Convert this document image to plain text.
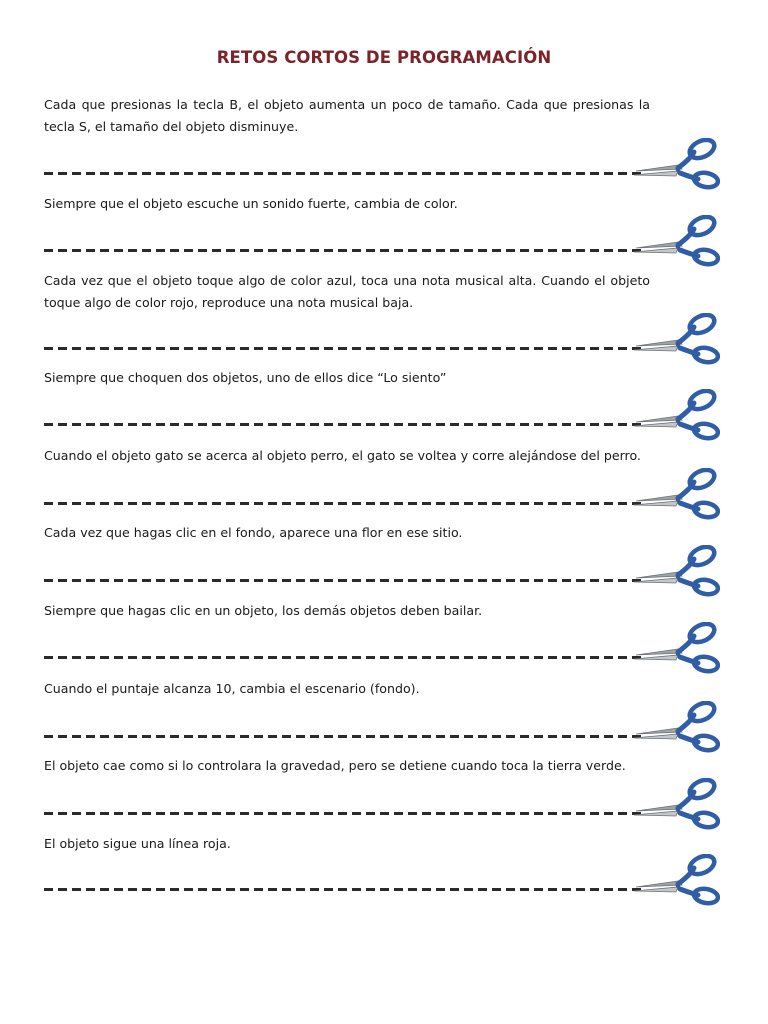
RETOS CORTOS DE PROGRAMACIÓN
Cada que presionas la tecla B, el objeto aumenta un poco de tamaño. Cada que presionas la tecla S, el tamaño del objeto disminuye.
Siempre que el objeto escuche un sonido fuerte, cambia de color.
Cada vez que el objeto toque algo de color azul, toca una nota musical alta. Cuando el objeto toque algo de color rojo, reproduce una nota musical baja.
Siempre que choquen dos objetos, uno de ellos dice “Lo siento”
Cuando el objeto gato se acerca al objeto perro, el gato se voltea y corre alejándose del perro.
Cada vez que hagas clic en el fondo, aparece una flor en ese sitio.
Siempre que hagas clic en un objeto, los demás objetos deben bailar.
Cuando el puntaje alcanza 10, cambia el escenario (fondo).
El objeto cae como si lo controlara la gravedad, pero se detiene cuando toca la tierra verde.
El objeto sigue una línea roja.
